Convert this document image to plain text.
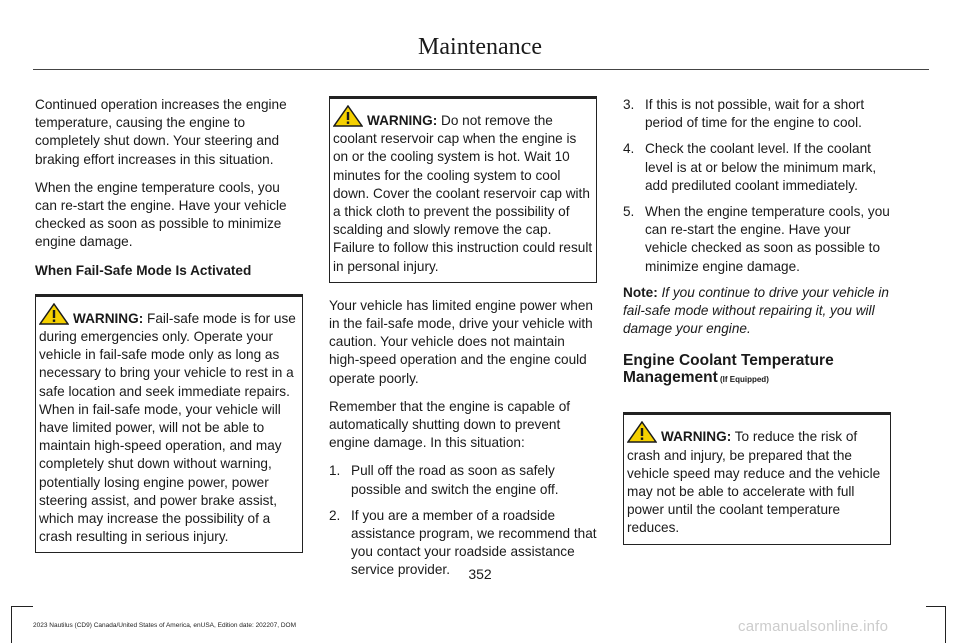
Maintenance

Continued operation increases the engine temperature, causing the engine to completely shut down. Your steering and braking effort increases in this situation.

When the engine temperature cools, you can re-start the engine. Have your vehicle checked as soon as possible to minimize engine damage.

When Fail-Safe Mode Is Activated

WARNING: Fail-safe mode is for use during emergencies only. Operate your vehicle in fail-safe mode only as long as necessary to bring your vehicle to rest in a safe location and seek immediate repairs. When in fail-safe mode, your vehicle will have limited power, will not be able to maintain high-speed operation, and may completely shut down without warning, potentially losing engine power, power steering assist, and power brake assist, which may increase the possibility of a crash resulting in serious injury.
WARNING: Do not remove the coolant reservoir cap when the engine is on or the cooling system is hot. Wait 10 minutes for the cooling system to cool down. Cover the coolant reservoir cap with a thick cloth to prevent the possibility of scalding and slowly remove the cap. Failure to follow this instruction could result in personal injury.

Your vehicle has limited engine power when in the fail-safe mode, drive your vehicle with caution. Your vehicle does not maintain high-speed operation and the engine could operate poorly.

Remember that the engine is capable of automatically shutting down to prevent engine damage. In this situation:

1. Pull off the road as soon as safely possible and switch the engine off.
2. If you are a member of a roadside assistance program, we recommend that you contact your roadside assistance service provider.
3. If this is not possible, wait for a short period of time for the engine to cool.
4. Check the coolant level. If the coolant level is at or below the minimum mark, add prediluted coolant immediately.
5. When the engine temperature cools, you can re-start the engine. Have your vehicle checked as soon as possible to minimize engine damage.

Note: If you continue to drive your vehicle in fail-safe mode without repairing it, you will damage your engine.

Engine Coolant Temperature Management (If Equipped)
WARNING: To reduce the risk of crash and injury, be prepared that the vehicle speed may reduce and the vehicle may not be able to accelerate with full power until the coolant temperature reduces.
352
2023 Nautilus (CD9) Canada/United States of America, enUSA, Edition date: 202207, DOM	carmanualsonline.info
